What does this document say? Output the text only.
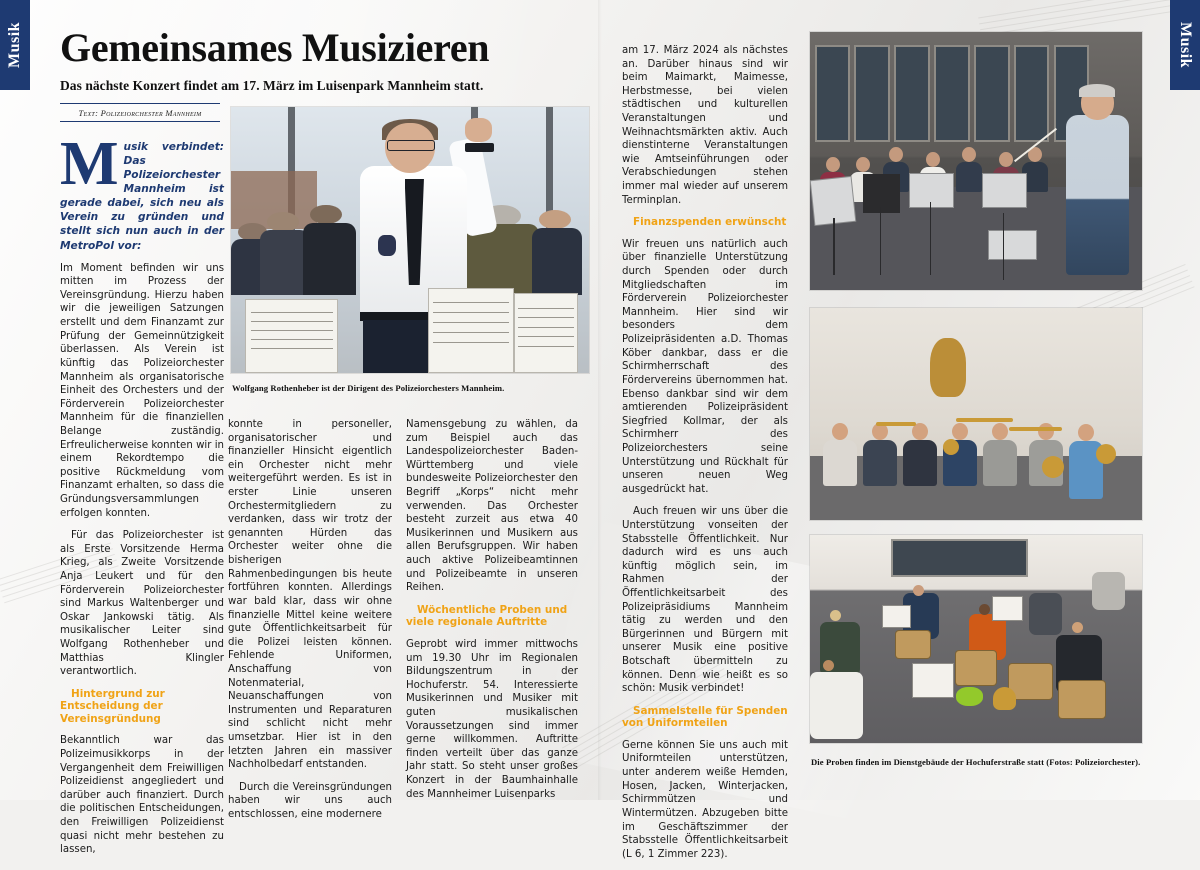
Musik	Musik
Gemeinsames Musizieren

Das nächste Konzert findet am 17. März im Luisenpark Mannheim statt.

Text: Polizeiorchester Mannheim

Musik verbindet: Das Polizeiorchester Mannheim ist gerade dabei, sich neu als Verein zu gründen und stellt sich nun auch in der MetroPol vor:

Im Moment befinden wir uns mitten im Prozess der Vereinsgründung. Hierzu haben wir die jeweiligen Satzungen erstellt und dem Finanzamt zur Prüfung der Gemeinnützigkeit überlassen. Als Verein ist künftig das Polizeiorchester Mannheim als organisatorische Einheit des Orchesters und der Förderverein Polizeiorchester Mannheim für die finanziellen Belange zuständig. Erfreulicherweise konnten wir in einem Rekordtempo die positive Rückmeldung vom Finanzamt erhalten, so dass die Gründungsversammlungen erfolgen konnten.

Für das Polizeiorchester ist als Erste Vorsitzende Herma Krieg, als Zweite Vorsitzende Anja Leukert und für den Förderverein Polizeiorchester sind Markus Waltenberger und Oskar Jankowski tätig. Als musikalischer Leiter sind Wolfgang Rothenheber und Matthias Klingler verantwortlich.

Hintergrund zur Entscheidung der Vereinsgründung

Bekanntlich war das Polizeimusikkorps in der Vergangenheit dem Freiwilligen Polizeidienst angegliedert und darüber auch finanziert. Durch die politischen Entscheidungen, den Freiwilligen Polizeidienst quasi nicht mehr bestehen zu lassen,

konnte in personeller, organisatorischer und finanzieller Hinsicht eigentlich ein Orchester nicht mehr weitergeführt werden. Es ist in erster Linie unseren Orchestermitgliedern zu verdanken, dass wir trotz der genannten Hürden das Orchester weiter ohne die bisherigen Rahmenbedingungen bis heute fortführen konnten. Allerdings war bald klar, dass wir ohne finanzielle Mittel keine weitere gute Öffentlichkeitsarbeit für die Polizei leisten können. Fehlende Uniformen, Anschaffung von Notenmaterial, Neuanschaffungen von Instrumenten und Reparaturen sind schlicht nicht mehr umsetzbar. Hier ist in den letzten Jahren ein massiver Nachholbedarf entstanden.

Durch die Vereinsgründungen haben wir uns auch entschlossen, eine modernere

Namensgebung zu wählen, da zum Beispiel auch das Landespolizeiorchester Baden-Württemberg und viele bundesweite Polizeiorchester den Begriff „Korps“ nicht mehr verwenden. Das Orchester besteht zurzeit aus etwa 40 Musikerinnen und Musikern aus allen Berufsgruppen. Wir haben auch aktive Polizeibeamtinnen und Polizeibeamte in unseren Reihen.

Wöchentliche Proben und viele regionale Auftritte

Geprobt wird immer mittwochs um 19.30 Uhr im Regionalen Bildungszentrum in der Hochuferstr. 54. Interessierte Musikerinnen und Musiker mit guten musikalischen Voraussetzungen sind immer gerne willkommen. Auftritte finden verteilt über das ganze Jahr statt. So steht unser großes Konzert in der Baumhainhalle des Mannheimer Luisenparks

am 17. März 2024 als nächstes an. Darüber hinaus sind wir beim Maimarkt, Maimesse, Herbstmesse, bei vielen städtischen und kulturellen Veranstaltungen und Weihnachtsmärkten aktiv. Auch dienstinterne Veranstaltungen wie Amtseinführungen oder Verabschiedungen stehen immer mal wieder auf unserem Terminplan.

Finanzspenden erwünscht

Wir freuen uns natürlich auch über finanzielle Unterstützung durch Spenden oder durch Mitgliedschaften im Förderverein Polizeiorchester Mannheim. Hier sind wir besonders dem Polizeipräsidenten a.D. Thomas Köber dankbar, dass er die Schirmherrschaft des Fördervereins übernommen hat. Ebenso dankbar sind wir dem amtierenden Polizeipräsident Siegfried Kollmar, der als Schirmherr des Polizeiorchesters seine Unterstützung und Rückhalt für unseren neuen Weg ausgedrückt hat.

Auch freuen wir uns über die Unterstützung vonseiten der Stabsstelle Öffentlichkeit. Nur dadurch wird es uns auch künftig möglich sein, im Rahmen der Öffentlichkeitsarbeit des Polizeipräsidiums Mannheim tätig zu werden und den Bürgerinnen und Bürgern mit unserer Musik eine positive Botschaft übermitteln zu können. Denn wie heißt es so schön: Musik verbindet!

Sammelstelle für Spenden von Uniformteilen

Gerne können Sie uns auch mit Uniformteilen unterstützen, unter anderem weiße Hemden, Hosen, Jacken, Winterjacken, Schirmmützen und Wintermützen. Abzugeben bitte im Geschäftszimmer der Stabsstelle Öffentlichkeitsarbeit (L 6, 1 Zimmer 223).

Wolfgang Rothenheber ist der Dirigent des Polizeiorchesters Mannheim.
Die Proben finden im Dienstgebäude der Hochuferstraße statt (Fotos: Polizeiorchester).
